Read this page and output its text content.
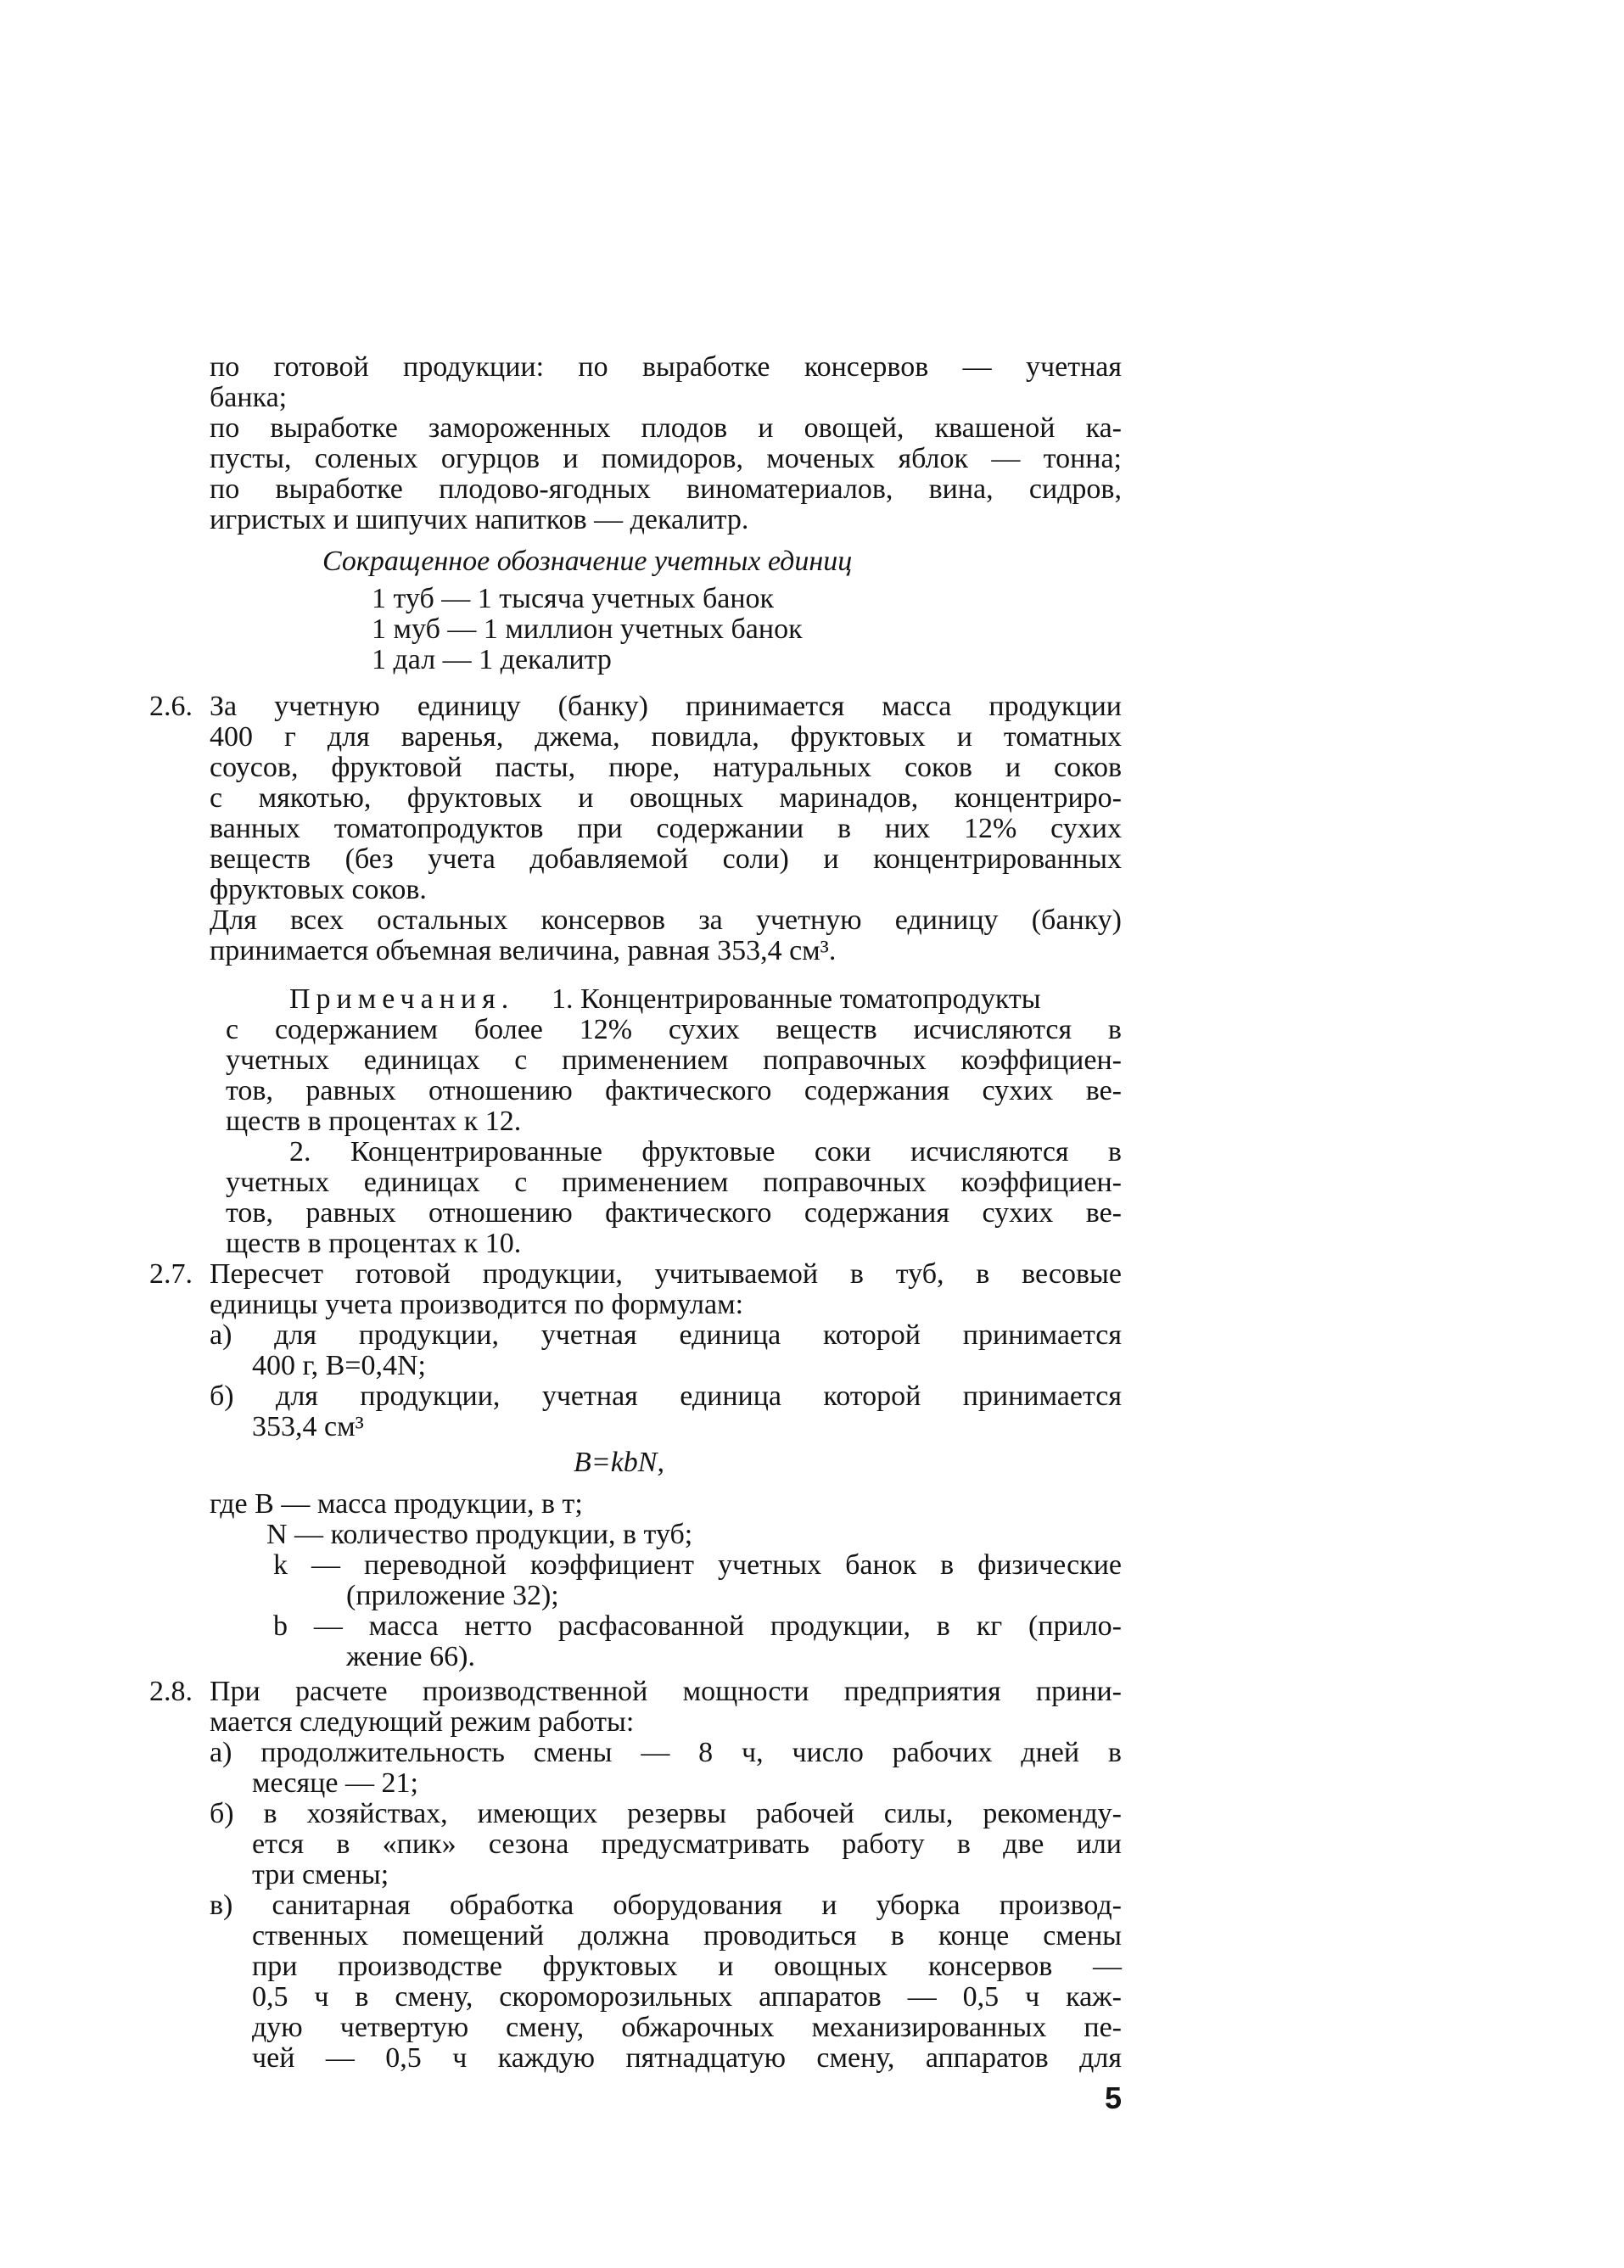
по готовой продукции: по выработке консервов — учетная
банка;
по выработке замороженных плодов и овощей, квашеной ка-
пусты, соленых огурцов и помидоров, моченых яблок — тонна;
по выработке плодово-ягодных виноматериалов, вина, сидров,
игристых и шипучих напитков — декалитр.
Сокращенное обозначение учетных единиц
1 туб — 1 тысяча учетных банок
1 муб — 1 миллион учетных банок
1 дал — 1 декалитр
2.6. За учетную единицу (банку) принимается масса продукции
400 г для варенья, джема, повидла, фруктовых и томатных
соусов, фруктовой пасты, пюре, натуральных соков и соков
с мякотью, фруктовых и овощных маринадов, концентриро-
ванных томатопродуктов при содержании в них 12% сухих
веществ (без учета добавляемой соли) и концентрированных
фруктовых соков.
Для всех остальных консервов за учетную единицу (банку)
принимается объемная величина, равная 353,4 см³.
Примечания. 1. Концентрированные томатопродукты
с содержанием более 12% сухих веществ исчисляются в
учетных единицах с применением поправочных коэффициен-
тов, равных отношению фактического содержания сухих ве-
ществ в процентах к 12.
2. Концентрированные фруктовые соки исчисляются в
учетных единицах с применением поправочных коэффициен-
тов, равных отношению фактического содержания сухих ве-
ществ в процентах к 10.
2.7. Пересчет готовой продукции, учитываемой в туб, в весовые
единицы учета производится по формулам:
а) для продукции, учетная единица которой принимается
400 г, В=0,4N;
б) для продукции, учетная единица которой принимается
353,4 см³
В=kbN,
где В — масса продукции, в т;
N — количество продукции, в туб;
k — переводной коэффициент учетных банок в физические
(приложение 32);
b — масса нетто расфасованной продукции, в кг (прило-
жение 66).
2.8. При расчете производственной мощности предприятия прини-
мается следующий режим работы:
а) продолжительность смены — 8 ч, число рабочих дней в
месяце — 21;
б) в хозяйствах, имеющих резервы рабочей силы, рекоменду-
ется в «пик» сезона предусматривать работу в две или
три смены;
в) санитарная обработка оборудования и уборка производ-
ственных помещений должна проводиться в конце смены
при производстве фруктовых и овощных консервов —
0,5 ч в смену, скороморозильных аппаратов — 0,5 ч каж-
дую четвертую смену, обжарочных механизированных пе-
чей — 0,5 ч каждую пятнадцатую смену, аппаратов для
5
